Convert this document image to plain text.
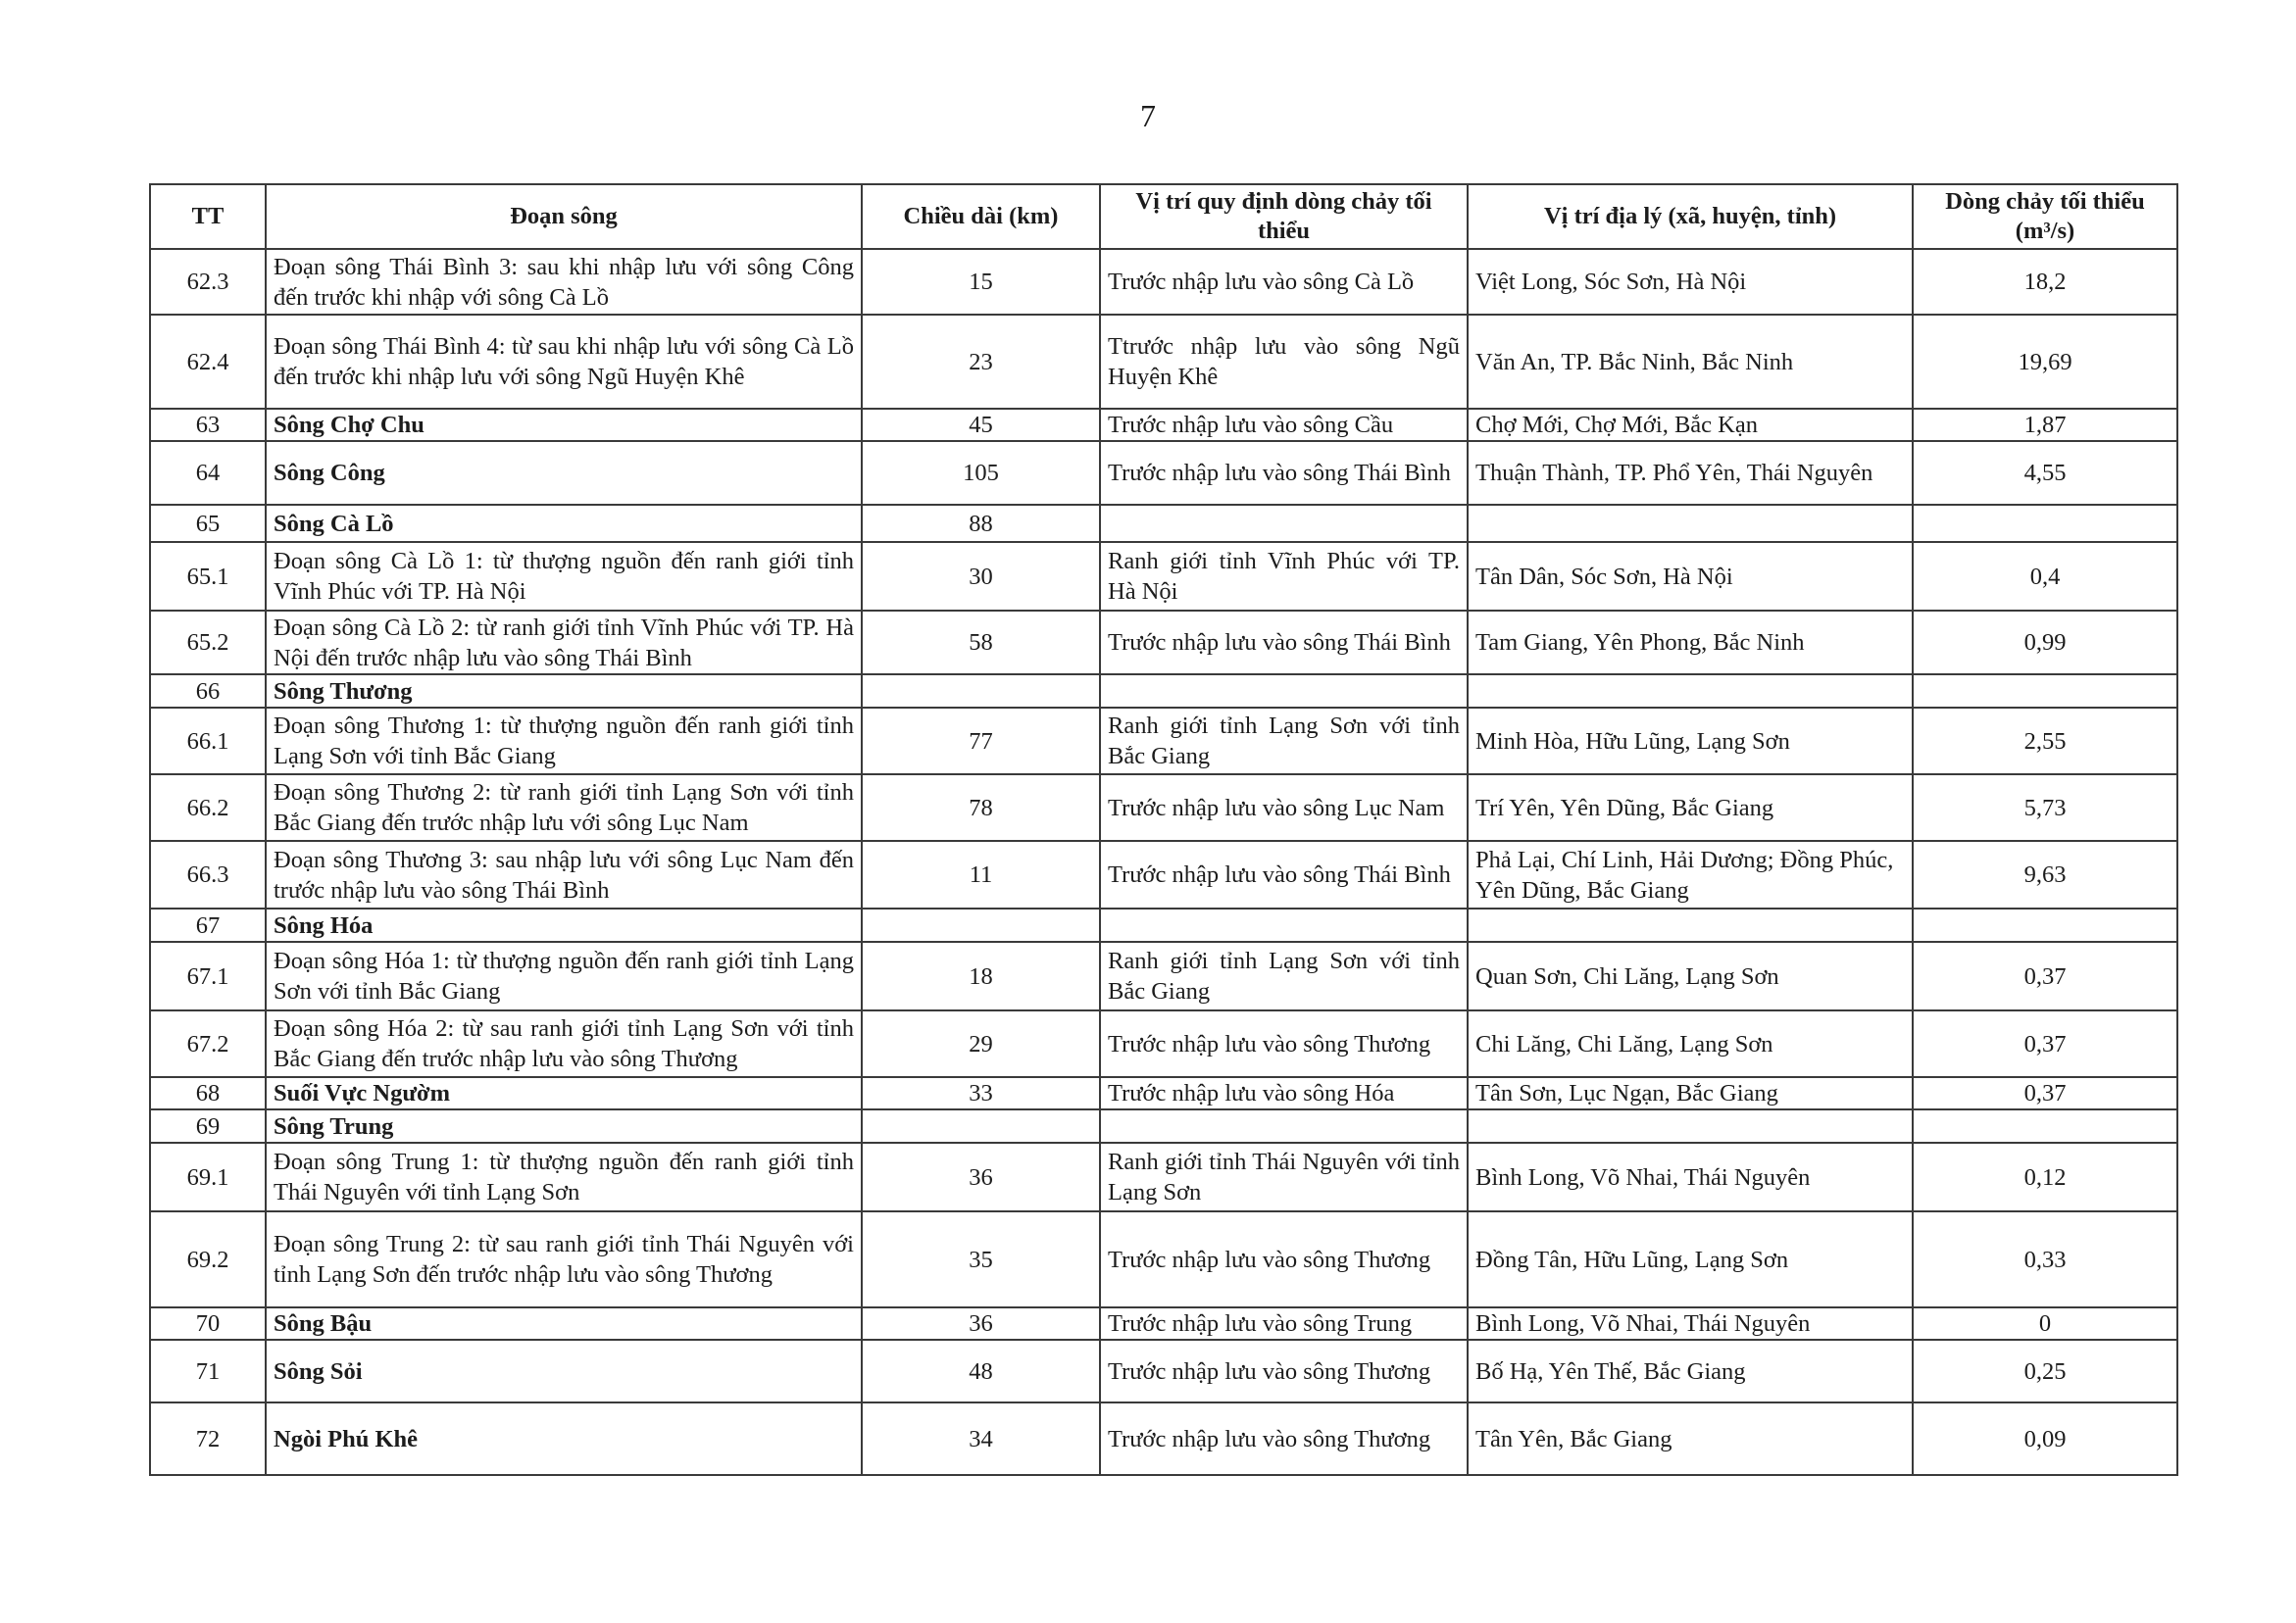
7
TT	Đoạn sông	Chiều dài (km)	Vị trí quy định dòng chảy tối thiểu	Vị trí địa lý (xã, huyện, tỉnh)	Dòng chảy tối thiểu (m³/s)
62.3	Đoạn sông Thái Bình 3: sau khi nhập lưu với sông Công đến trước khi nhập với sông Cà Lồ	15	Trước nhập lưu vào sông Cà Lồ	Việt Long, Sóc Sơn, Hà Nội	18,2
62.4	Đoạn sông Thái Bình 4: từ sau khi nhập lưu với sông Cà Lồ đến trước khi nhập lưu với sông Ngũ Huyện Khê	23	Ttrước nhập lưu vào sông Ngũ Huyện Khê	Văn An, TP. Bắc Ninh, Bắc Ninh	19,69
63	Sông Chợ Chu	45	Trước nhập lưu vào sông Cầu	Chợ Mới, Chợ Mới, Bắc Kạn	1,87
64	Sông Công	105	Trước nhập lưu vào sông Thái Bình	Thuận Thành, TP. Phổ Yên, Thái Nguyên	4,55
65	Sông Cà Lồ	88			
65.1	Đoạn sông Cà Lồ 1: từ thượng nguồn đến ranh giới tỉnh Vĩnh Phúc với TP. Hà Nội	30	Ranh giới tỉnh Vĩnh Phúc với TP. Hà Nội	Tân Dân, Sóc Sơn, Hà Nội	0,4
65.2	Đoạn sông Cà Lồ 2: từ ranh giới tỉnh Vĩnh Phúc với TP. Hà Nội đến trước nhập lưu vào sông Thái Bình	58	Trước nhập lưu vào sông Thái Bình	Tam Giang, Yên Phong, Bắc Ninh	0,99
66	Sông Thương				
66.1	Đoạn sông Thương 1: từ thượng nguồn đến ranh giới tỉnh Lạng Sơn với tỉnh Bắc Giang	77	Ranh giới tỉnh Lạng Sơn với tỉnh Bắc Giang	Minh Hòa, Hữu Lũng, Lạng Sơn	2,55
66.2	Đoạn sông Thương 2: từ ranh giới tỉnh Lạng Sơn với tỉnh Bắc Giang đến trước nhập lưu với sông Lục Nam	78	Trước nhập lưu vào sông Lục Nam	Trí Yên, Yên Dũng, Bắc Giang	5,73
66.3	Đoạn sông Thương 3: sau nhập lưu với sông Lục Nam đến trước nhập lưu vào sông Thái Bình	11	Trước nhập lưu vào sông Thái Bình	Phả Lại, Chí Linh, Hải Dương; Đồng Phúc, Yên Dũng, Bắc Giang	9,63
67	Sông Hóa				
67.1	Đoạn sông Hóa 1: từ thượng nguồn đến ranh giới tỉnh Lạng Sơn với tỉnh Bắc Giang	18	Ranh giới tỉnh Lạng Sơn với tỉnh Bắc Giang	Quan Sơn, Chi Lăng, Lạng Sơn	0,37
67.2	Đoạn sông Hóa 2: từ sau ranh giới tỉnh Lạng Sơn với tỉnh Bắc Giang đến trước nhập lưu vào sông Thương	29	Trước nhập lưu vào sông Thương	Chi Lăng, Chi Lăng, Lạng Sơn	0,37
68	Suối Vực Ngườm	33	Trước nhập lưu vào sông Hóa	Tân Sơn, Lục Ngạn, Bắc Giang	0,37
69	Sông Trung				
69.1	Đoạn sông Trung 1: từ thượng nguồn đến ranh giới tỉnh Thái Nguyên với tỉnh Lạng Sơn	36	Ranh giới tỉnh Thái Nguyên với tỉnh Lạng Sơn	Bình Long, Võ Nhai, Thái Nguyên	0,12
69.2	Đoạn sông Trung 2: từ sau ranh giới tỉnh Thái Nguyên với tỉnh Lạng Sơn đến trước nhập lưu vào sông Thương	35	Trước nhập lưu vào sông Thương	Đồng Tân, Hữu Lũng, Lạng Sơn	0,33
70	Sông Bậu	36	Trước nhập lưu vào sông Trung	Bình Long, Võ Nhai, Thái Nguyên	0
71	Sông Sỏi	48	Trước nhập lưu vào sông Thương	Bố Hạ, Yên Thế, Bắc Giang	0,25
72	Ngòi Phú Khê	34	Trước nhập lưu vào sông Thương	Tân Yên, Bắc Giang	0,09
